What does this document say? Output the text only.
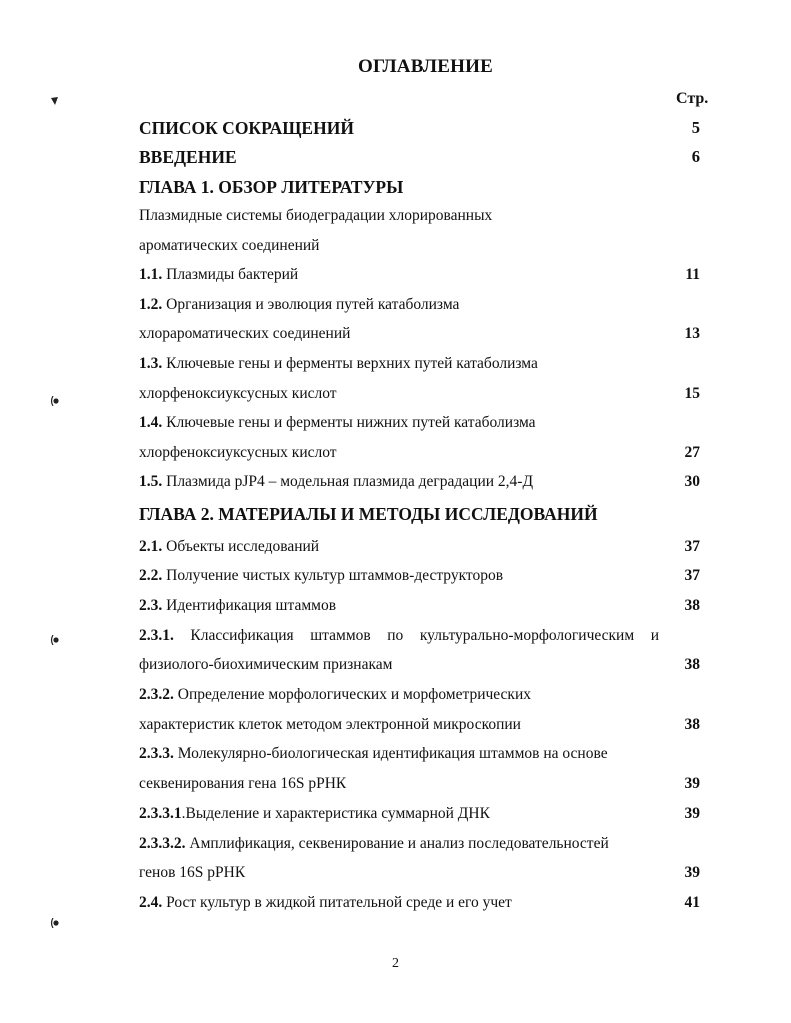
ОГЛАВЛЕНИЕ
Стр.
СПИСОК СОКРАЩЕНИЙ	5
ВВЕДЕНИЕ	6
ГЛАВА 1. ОБЗОР ЛИТЕРАТУРЫ
Плазмидные системы биодеградации хлорированных
ароматических соединений
1.1. Плазмиды бактерий	11
1.2. Организация и эволюция путей катаболизма
хлорароматических соединений	13
1.3. Ключевые гены и ферменты верхних путей катаболизма
хлорфеноксиуксусных кислот	15
1.4. Ключевые гены и ферменты нижних путей катаболизма
хлорфеноксиуксусных кислот	27
1.5. Плазмида pJP4 – модельная плазмида деградации 2,4-Д	30
ГЛАВА 2. МАТЕРИАЛЫ И МЕТОДЫ ИССЛЕДОВАНИЙ
2.1. Объекты исследований	37
2.2. Получение чистых культур штаммов-деструкторов	37
2.3. Идентификация штаммов	38
2.3.1. Классификация штаммов по культурально-морфологическим и
физиолого-биохимическим признакам	38
2.3.2. Определение морфологических и морфометрических
характеристик клеток методом электронной микроскопии	38
2.3.3. Молекулярно-биологическая идентификация штаммов на основе
секвенирования гена 16S рРНК	39
2.3.3.1.Выделение и характеристика суммарной ДНК	39
2.3.3.2. Амплификация, секвенирование и анализ последовательностей
генов 16S рРНК	39
2.4. Рост культур в жидкой питательной среде и его учет	41
2
